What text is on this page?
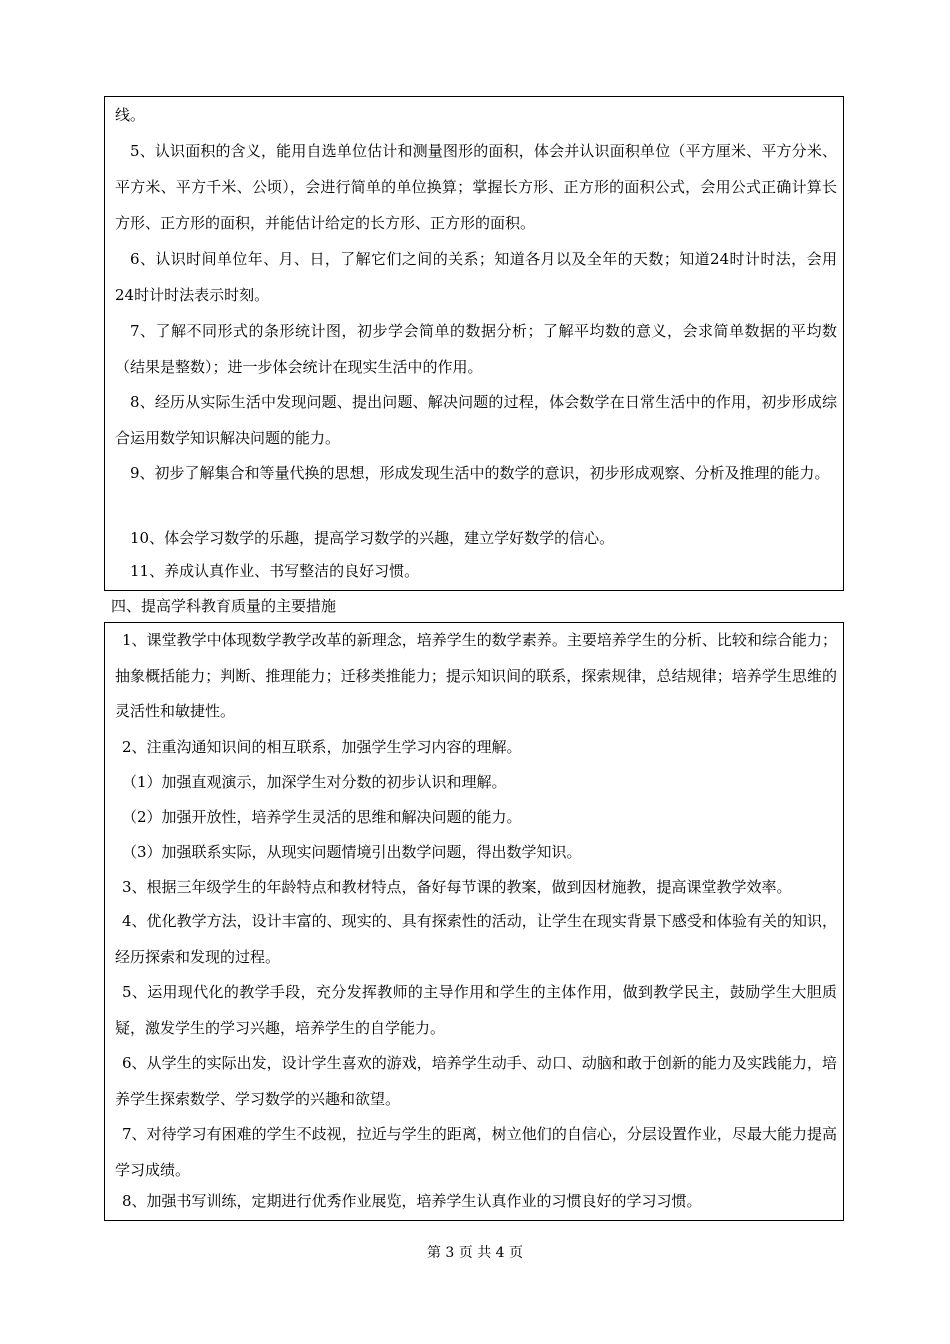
线。

5、认识面积的含义，能用自选单位估计和测量图形的面积，体会并认识面积单位（平方厘米、平方分米、平方米、平方千米、公顷），会进行简单的单位换算；掌握长方形、正方形的面积公式，会用公式正确计算长方形、正方形的面积，并能估计给定的长方形、正方形的面积。

6、认识时间单位年、月、日，了解它们之间的关系；知道各月以及全年的天数；知道24时计时法，会用24时计时法表示时刻。

7、了解不同形式的条形统计图，初步学会简单的数据分析；了解平均数的意义，会求简单数据的平均数（结果是整数）；进一步体会统计在现实生活中的作用。

8、经历从实际生活中发现问题、提出问题、解决问题的过程，体会数学在日常生活中的作用，初步形成综合运用数学知识解决问题的能力。

9、初步了解集合和等量代换的思想，形成发现生活中的数学的意识，初步形成观察、分析及推理的能力。

10、体会学习数学的乐趣，提高学习数学的兴趣，建立学好数学的信心。

11、养成认真作业、书写整洁的良好习惯。

四、提高学科教育质量的主要措施

1、课堂教学中体现数学教学改革的新理念，培养学生的数学素养。主要培养学生的分析、比较和综合能力；抽象概括能力；判断、推理能力；迁移类推能力；提示知识间的联系，探索规律，总结规律；培养学生思维的灵活性和敏捷性。

2、注重沟通知识间的相互联系，加强学生学习内容的理解。

（1）加强直观演示，加深学生对分数的初步认识和理解。

（2）加强开放性，培养学生灵活的思维和解决问题的能力。

（3）加强联系实际，从现实问题情境引出数学问题，得出数学知识。

3、根据三年级学生的年龄特点和教材特点，备好每节课的教案，做到因材施教，提高课堂教学效率。

4、优化教学方法，设计丰富的、现实的、具有探索性的活动，让学生在现实背景下感受和体验有关的知识，经历探索和发现的过程。

5、运用现代化的教学手段，充分发挥教师的主导作用和学生的主体作用，做到教学民主，鼓励学生大胆质疑，激发学生的学习兴趣，培养学生的自学能力。

6、从学生的实际出发，设计学生喜欢的游戏，培养学生动手、动口、动脑和敢于创新的能力及实践能力，培养学生探索数学、学习数学的兴趣和欲望。

7、对待学习有困难的学生不歧视，拉近与学生的距离，树立他们的自信心，分层设置作业，尽最大能力提高学习成绩。

8、加强书写训练，定期进行优秀作业展览，培养学生认真作业的习惯良好的学习习惯。

第 3 页 共 4 页
